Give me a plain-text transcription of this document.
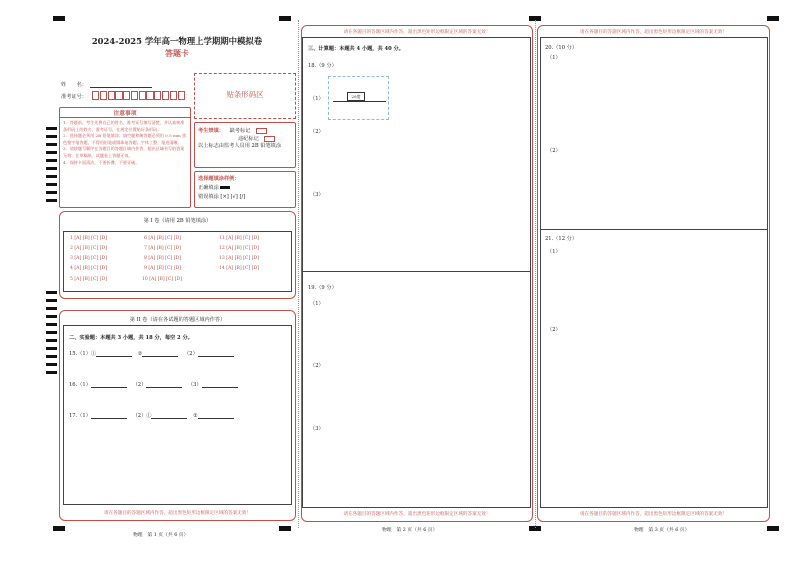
2024-2025 学年高一物理上学期期中模拟卷
答题卡
姓　　名：
准考证号：	贴条形码区
注意事项
1．答题前，考生先将自己的姓名，准考证号填写清楚，并认真核准条形码上的姓名、准考证号，在规定位置贴好条形码。
2．选择题必须用 2B 铅笔填涂；填空题和解答题必须用 0.5 mm 黑色签字笔答题，不得用铅笔或圆珠笔答题；字体工整、笔迹清晰。
3．请按题号顺序在各题目的答题区域内作答，超出区域书写的答案无效；在草稿纸、试题卷上答题无效。
4．保持卡面清洁，不要折叠、不要弄破。
考生禁填： 缺考标记
违纪标记
以上标志由监考人员用 2B 铅笔填涂
选择题填涂样例：
正确填涂
错误填涂 [×] [√] [/]
第 I 卷（请用 2B 铅笔填涂）
1 [A] [B] [C] [D]
2 [A] [B] [C] [D]
3 [A] [B] [C] [D]
4 [A] [B] [C] [D]
5 [A] [B] [C] [D]
6 [A] [B] [C] [D]
7 [A] [B] [C] [D]
8 [A] [B] [C] [D]
9 [A] [B] [C] [D]
10 [A] [B] [C] [D]
11 [A] [B] [C] [D]
12 [A] [B] [C] [D]
13 [A] [B] [C] [D]
14 [A] [B] [C] [D]
第 II 卷（请在各试题的答题区域内作答）
二、实验题：本题共 3 小题，共 18 分，每空 2 分。
15.（1）①	②	（2）
16.（1）	（2）	（3）
17.（1）	（2）①	②
请在各题目的答题区域内作答，超出黑色矩形边框限定区域的答案无效！
物理　第 1 页（共 6 页）
请在各题目的答题区域内作答，超出黑色矩形边框限定区域的答案无效！
三、计算题：本题共 4 小题，共 40 分。
18.（9 分）
29度
（1）
（2）
（3）
19.（9 分）
（1）
（2）
（3）
请在各题目的答题区域内作答，超出黑色矩形边框限定区域的答案无效！
物理　第 2 页（共 6 页）
请在各题目的答题区域内作答，超出黑色矩形边框限定区域的答案无效！
20.（10 分）
（1）
（2）
21.（12 分）
（1）
（2）
请在各题目的答题区域内作答，超出黑色矩形边框限定区域的答案无效！
物理　第 3 页（共 6 页）
